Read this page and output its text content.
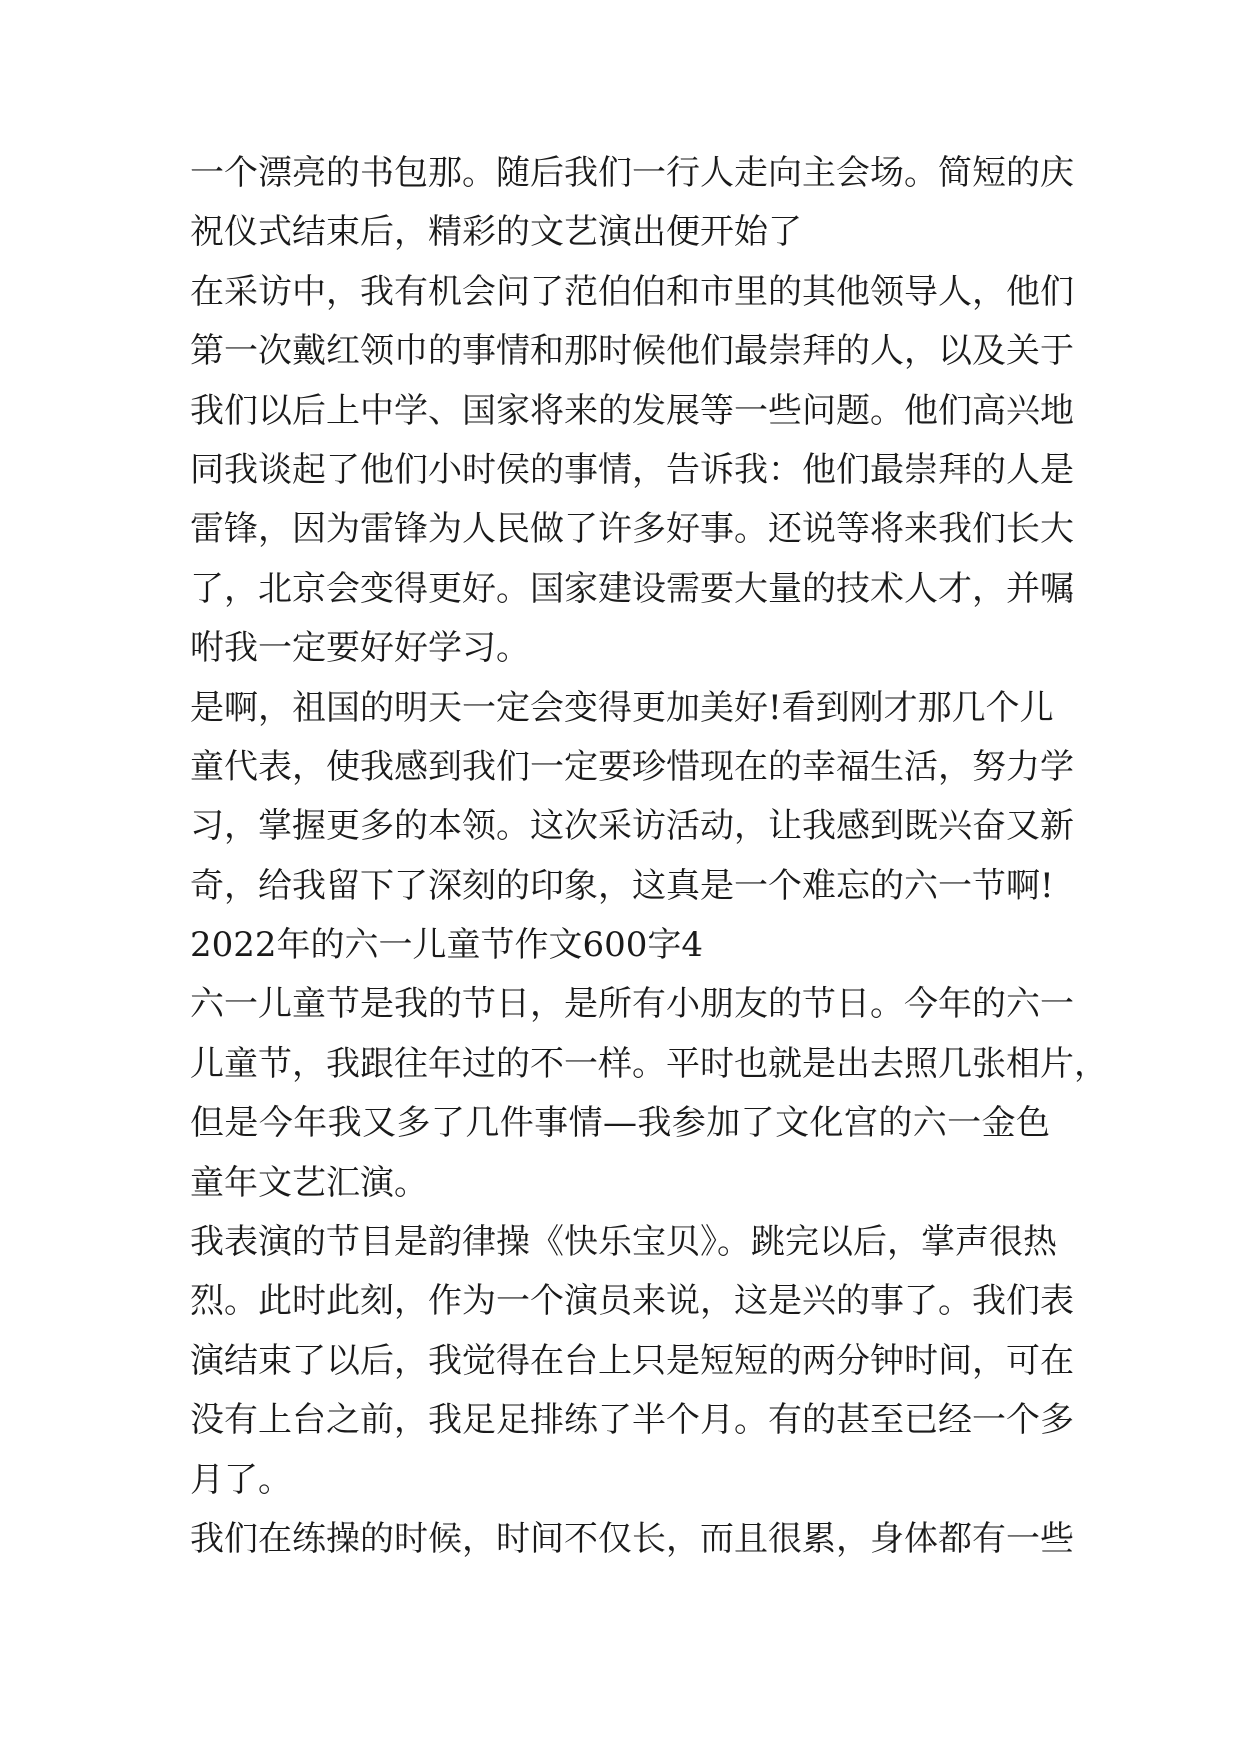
一个漂亮的书包那。随后我们一行人走向主会场。简短的庆
祝仪式结束后，精彩的文艺演出便开始了
在采访中，我有机会问了范伯伯和市里的其他领导人，他们
第一次戴红领巾的事情和那时候他们最崇拜的人，以及关于
我们以后上中学、国家将来的发展等一些问题。他们高兴地
同我谈起了他们小时侯的事情，告诉我：他们最崇拜的人是
雷锋，因为雷锋为人民做了许多好事。还说等将来我们长大
了，北京会变得更好。国家建设需要大量的技术人才，并嘱
咐我一定要好好学习。
是啊，祖国的明天一定会变得更加美好!看到刚才那几个儿
童代表，使我感到我们一定要珍惜现在的幸福生活，努力学
习，掌握更多的本领。这次采访活动，让我感到既兴奋又新
奇，给我留下了深刻的印象，这真是一个难忘的六一节啊!
2022年的六一儿童节作文600字4
六一儿童节是我的节日，是所有小朋友的节日。今年的六一
儿童节，我跟往年过的不一样。平时也就是出去照几张相片，
但是今年我又多了几件事情—我参加了文化宫的六一金色
童年文艺汇演。
我表演的节目是韵律操《快乐宝贝》。跳完以后，掌声很热
烈。此时此刻，作为一个演员来说，这是兴的事了。我们表
演结束了以后，我觉得在台上只是短短的两分钟时间，可在
没有上台之前，我足足排练了半个月。有的甚至已经一个多
月了。
我们在练操的时候，时间不仅长，而且很累，身体都有一些
